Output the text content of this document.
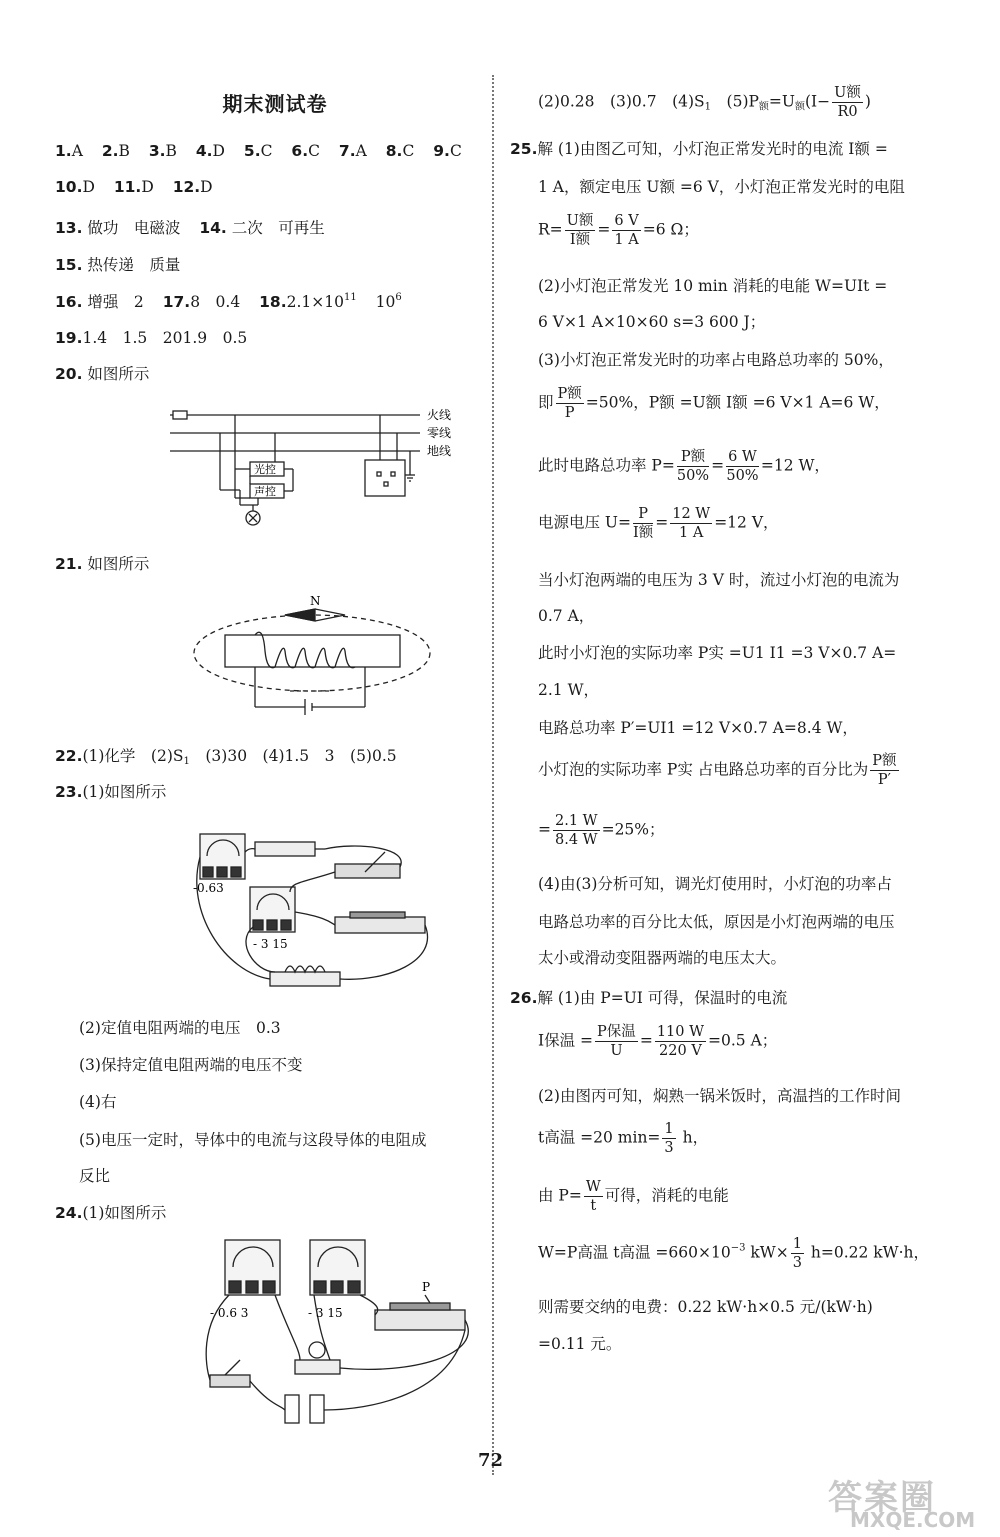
期末测试卷
1.A 2.B 3.B 4.D 5.C 6.C 7.A 8.C 9.C
10.D 11.D 12.D
13. 做功　电磁波 14. 二次　可再生
15. 热传递　质量
16. 增强　2 17.8　0.4 $18.2.1\times 10^{11}$ $10^6$
19.1.4　1.5　201.9　0.5
20. 如图所示
火线
零线
地线
光控
声控
21. 如图所示
N
22.(1)化学　$(2)S_1$　(3)30　(4)1.5　3　(5)0.5
23.(1)如图所示
-0.63
- 3 15
(2)定值电阻两端的电压　0.3
(3)保持定值电阻两端的电压不变
(4)右
(5)电压一定时，导体中的电流与这段导体的电阻成
反比
24.(1)如图所示
- 0.6 3	- 3 15
P
(2)0.28　(3)0.7　$(4)S_1$　$(5)P_额=U_额(I- \frac{\text{U额}}{R0}$ )
25.解 (1)由图乙可知，小灯泡正常发光时的电流 I额 =
1 A，额定电压 U额 =6 V，小灯泡正常发光时的电阻
$R= \frac{\text{U额}}{\text{I额}} = \frac{6 V}{1 A} =6$ Ω；
(2)小灯泡正常发光 10 min 消耗的电能 W=UIt =
6 V×1 A×10×60 s=3 600 J；
(3)小灯泡正常发光时的功率占电路总功率的 50%，
即 $\frac{\text{P额}}{P} =50\%$，P额 =U额 I额 =6 V×1 A=6 W，
此时电路总功率 $P= \frac{\text{P额}}{50\%} = \frac{6 W}{50\%} =12$ W，
电源电压 $U= \frac{P}{\text{I额}} = \frac{12 W}{1 A} =12$ V，
当小灯泡两端的电压为 3 V 时，流过小灯泡的电流为
0.7 A，
此时小灯泡的实际功率 P实 =U1 I1 =3 V×0.7 A=
2.1 W，
电路总功率 P′=UI1 =12 V×0.7 A=8.4 W，
小灯泡的实际功率 P实 占电路总功率的百分比为 $\frac{\text{P额}}{P'}$
= $\frac{2.1 W}{8.4 W} =25\%$；
(4)由(3)分析可知，调光灯使用时，小灯泡的功率占
电路总功率的百分比太低，原因是小灯泡两端的电压
太小或滑动变阻器两端的电压太大。
26.解 (1)由 P=UI 可得，保温时的电流
I保温 = $\frac{\text{P保温}}{U} = \frac{110 W}{220 V} =0.5$ A；
(2)由图丙可知，焖熟一锅米饭时，高温挡的工作时间
t高温 =20 $\min= \frac{1}{3}$ h，
由 $P= \frac{W}{t}$ 可得，消耗的电能
W=P高温 t高温 $=660\times 10^{-3}$ $kW\times \frac{1}{3} h=0.22$ kW·h，
则需要交纳的电费：0.22 kW·h×0.5 元/(kW·h)
=0.11 元。
72
答案圈
MXQE.COM
